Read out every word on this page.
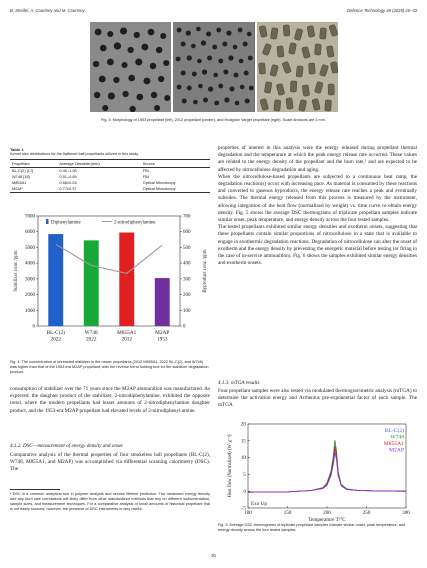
B. Streifel, A. Courtney and M. Courtney	Defence Technology 48 (2025) 26–33
Fig. 3. Morphology of 1953 propellant (left), 2012 propellant (center), and Hodgdon Varget propellant (right). Scale divisions are 1 mm.
Table 1
Kernel size distributions for the flattened ball propellants utilized in this study.
Propellant	Average Diameter(mm)	Source
BL-C(2) [17]	0.40–1.06	FBI
W748 [18]	0.51–0.89	FBI
M855A1	0.66±0.26	Optical Microscopy
M2AP	0.77±0.37	Optical Microscopy
0
1000
2000
3000
4000
5000
6000
7000
0
100
200
300
400
500
600
700
Stabilizer conc /ppm	Byproduct conc /ppm
BL-C(2)
2022
W748
2022
M855A1
2012
M2AP
1953
Diphenylamine	2-nitrodiphenylamine
Fig. 4. The concentration of unreacted stabilizer in the newer propellants (2012 M855A1, 2022 BL-C(2), and W748) was higher than that of the 1953-era M2AP propellant, with the reverse trend holding true for the stabilizer degradation product.
consumption of stabilizer over the 71 years since the M2AP ammunition was manufactured. As expected, the daughter product of the stabilizer, 2-nitrodiphenylamine, exhibited the opposite trend, where the modern propellants had lesser amounts of 2-nitrodiphenylamine daughter product, and the 1953-era M2AP propellant had elevated levels of 2-nitrodiphenyl amine.
4.1.2. DSC—measurement of energy density and onset
Comparative analysis of the thermal properties of four smokeless ball propellants (BL-C(2), W748, M855A1, and M2AP) was accomplished via differential scanning calorimetry (DSC). The
² DSC is a common analytical tool in polymer analysis and service lifetime prediction. The measured energy density and any burn rate correlations will likely differ from other standardized methods that rely on different instrumentation, sample sizes, and measurement techniques. For a comparative analysis of small amounts of historical propellant that is not easily sourced, however, the precision of DSC instruments is very useful.
properties of interest in this analysis were the energy released during propellant thermal degradation and the temperature at which the peak energy release rate occurred. These values are related to the energy density of the propellant and the burn rate,² and are expected to be affected by nitrocellulose degradation and aging.
When the nitrocellulose-based propellants are subjected to a continuous heat ramp, the degradation reaction(s) occur with increasing pace. As material is consumed by these reactions and converted to gaseous byproducts, the energy release rate reaches a peak and eventually subsides. The thermal energy released from this process is measured by the instrument, allowing integration of the heat flow (normalized by weight) vs. time curve to obtain energy density. Fig. 5 shows the average DSC thermograms of triplicate propellant samples indicate similar onset, peak temperature, and energy density across the four tested samples.
The tested propellants exhibited similar energy densities and exotherm onsets, suggesting that these propellants contain similar proportions of nitrocellulose in a state that is available to engage in exothermic degradation reactions. Degradation of nitrocellulose can alter the onset of exotherm and the energy density by preventing the energetic material before testing (or firing in the case of in-service ammunition). Fig. 6 shows the samples exhibited similar energy densities and exotherm onsets.
4.1.3. mTGA results
Four propellant samples were also tested via modulated thermogravimetric analysis (mTGA) to determine the activation energy and Arrhenius pre-exponential factor of each sample. The mTGA
100	150	200	250	300
-5
0
5
10
15
20
Temperature T/°C
Heat flow (Normalized) (W·g⁻¹)
BL-C(2)
W748
M855A1
M2AP
Exo Up
Fig. 5. Average DSC thermograms of triplicate propellant samples indicate similar onset, peak temperature, and energy density across the four tested samples.
30
